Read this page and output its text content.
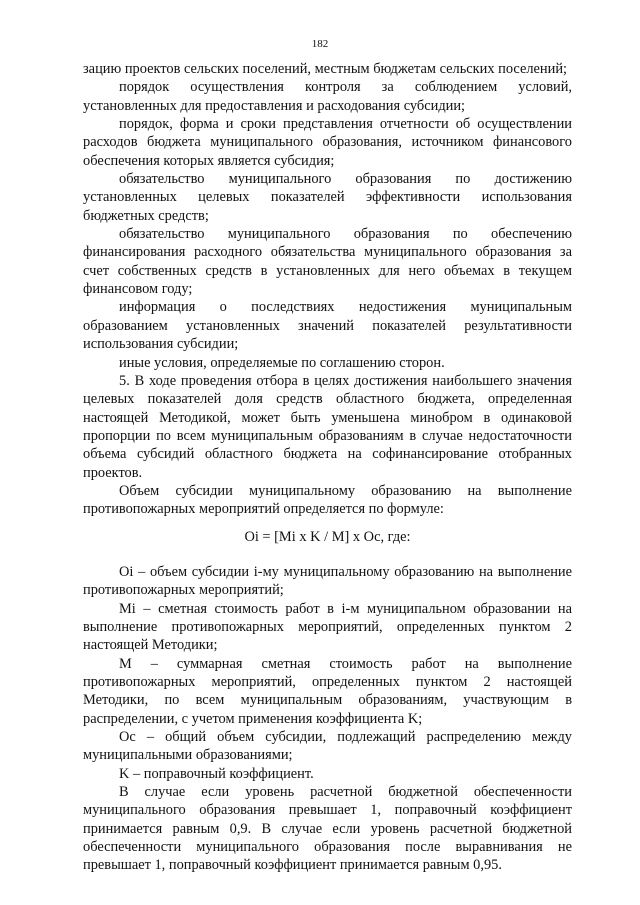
182

зацию проектов сельских поселений, местным бюджетам сельских поселений;

порядок осуществления контроля за соблюдением условий, установленных для предоставления и расходования субсидии;

порядок, форма и сроки представления отчетности об осуществлении расходов бюджета муниципального образования, источником финансового обеспечения которых является субсидия;

обязательство муниципального образования по достижению установленных целевых показателей эффективности использования бюджетных средств;

обязательство муниципального образования по обеспечению финансирования расходного обязательства муниципального образования за счет собственных средств в установленных для него объемах в текущем финансовом году;

информация о последствиях недостижения муниципальным образованием установленных значений показателей результативности использования субсидии;

иные условия, определяемые по соглашению сторон.

5. В ходе проведения отбора в целях достижения наибольшего значения целевых показателей доля средств областного бюджета, определенная настоящей Методикой, может быть уменьшена минобром в одинаковой пропорции по всем муниципальным образованиям в случае недостаточности объема субсидий областного бюджета на софинансирование отобранных проектов.

Объем субсидии муниципальному образованию на выполнение противопожарных мероприятий определяется по формуле:

Oi = [Mi x K / M] x Oc, где:

Oi – объем субсидии i-му муниципальному образованию на выполнение противопожарных мероприятий;

Mi – сметная стоимость работ в i-м муниципальном образовании на выполнение противопожарных мероприятий, определенных пунктом 2 настоящей Методики;

M – суммарная сметная стоимость работ на выполнение противопожарных мероприятий, определенных пунктом 2 настоящей Методики, по всем муниципальным образованиям, участвующим в распределении, с учетом применения коэффициента K;

Oc – общий объем субсидии, подлежащий распределению между муниципальными образованиями;

K – поправочный коэффициент.

В случае если уровень расчетной бюджетной обеспеченности муниципального образования превышает 1, поправочный коэффициент принимается равным 0,9. В случае если уровень расчетной бюджетной обеспеченности муниципального образования после выравнивания не превышает 1, поправочный коэффициент принимается равным 0,95.
